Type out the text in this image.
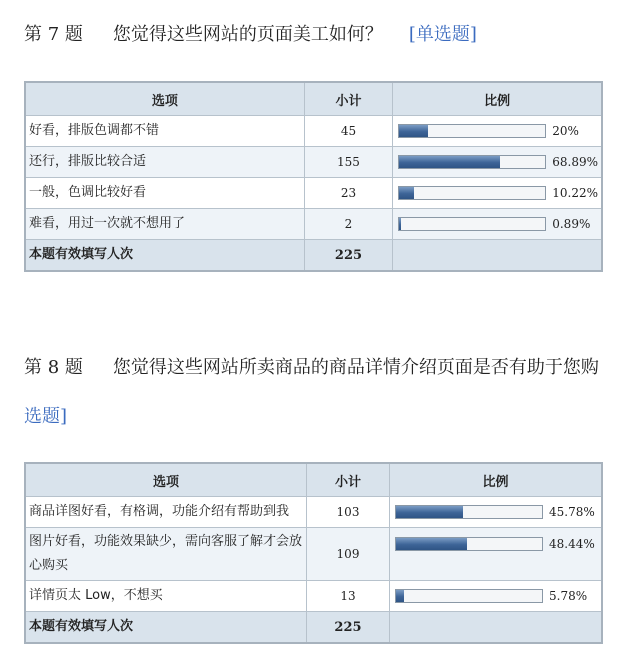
第 7 题 您觉得这些网站的页面美工如何？ [单选题]
选项	小计	比例
好看，排版色调都不错	45	20%
还行，排版比较合适	155	68.89%
一般，色调比较好看	23	10.22%
难看，用过一次就不想用了	2	0.89%
本题有效填写人次	225	
第 8 题 您觉得这些网站所卖商品的商品详情介绍页面是否有助于您购
选题]
选项	小计	比例
商品详图好看，有格调，功能介绍有帮助到我	103	45.78%
图片好看，功能效果缺少，需向客服了解才会放心购买	109	48.44%
详情页太 Low，不想买	13	5.78%
本题有效填写人次	225	
